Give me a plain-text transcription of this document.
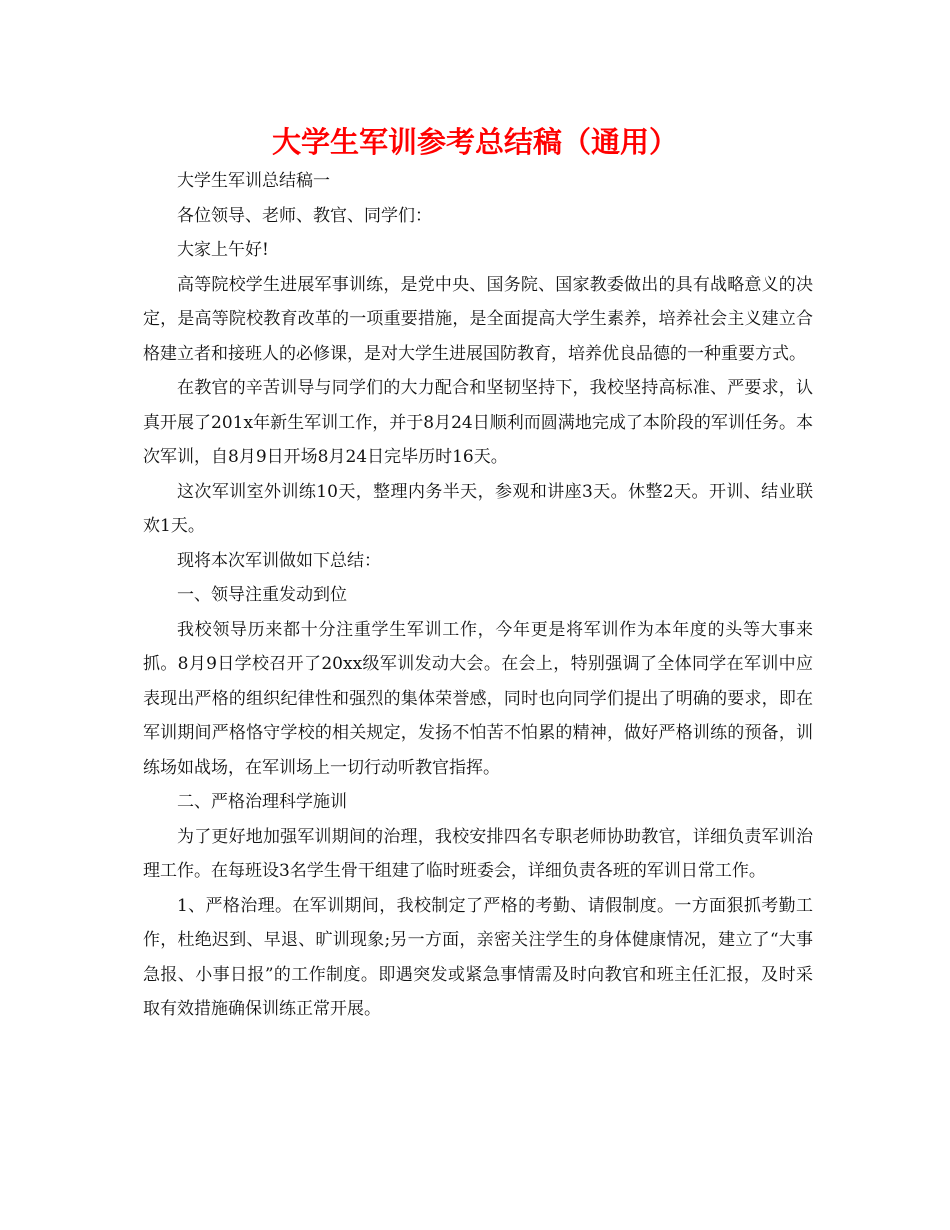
大学生军训参考总结稿（通用）

大学生军训总结稿一

各位领导、老师、教官、同学们：

大家上午好!

高等院校学生进展军事训练，是党中央、国务院、国家教委做出的具有战略意义的决定，是高等院校教育改革的一项重要措施，是全面提高大学生素养，培养社会主义建立合格建立者和接班人的必修课，是对大学生进展国防教育，培养优良品德的一种重要方式。

在教官的辛苦训导与同学们的大力配合和坚韧坚持下，我校坚持高标准、严要求，认真开展了201x年新生军训工作，并于8月24日顺利而圆满地完成了本阶段的军训任务。本次军训，自8月9日开场8月24日完毕历时16天。

这次军训室外训练10天，整理内务半天，参观和讲座3天。休整2天。开训、结业联欢1天。

现将本次军训做如下总结：

一、领导注重发动到位

我校领导历来都十分注重学生军训工作，今年更是将军训作为本年度的头等大事来抓。8月9日学校召开了20xx级军训发动大会。在会上，特别强调了全体同学在军训中应表现出严格的组织纪律性和强烈的集体荣誉感，同时也向同学们提出了明确的要求，即在军训期间严格恪守学校的相关规定，发扬不怕苦不怕累的精神，做好严格训练的预备，训练场如战场，在军训场上一切行动听教官指挥。

二、严格治理科学施训

为了更好地加强军训期间的治理，我校安排四名专职老师协助教官，详细负责军训治理工作。在每班设3名学生骨干组建了临时班委会，详细负责各班的军训日常工作。

1、严格治理。在军训期间，我校制定了严格的考勤、请假制度。一方面狠抓考勤工作，杜绝迟到、早退、旷训现象;另一方面，亲密关注学生的身体健康情况，建立了“大事急报、小事日报”的工作制度。即遇突发或紧急事情需及时向教官和班主任汇报，及时采取有效措施确保训练正常开展。
